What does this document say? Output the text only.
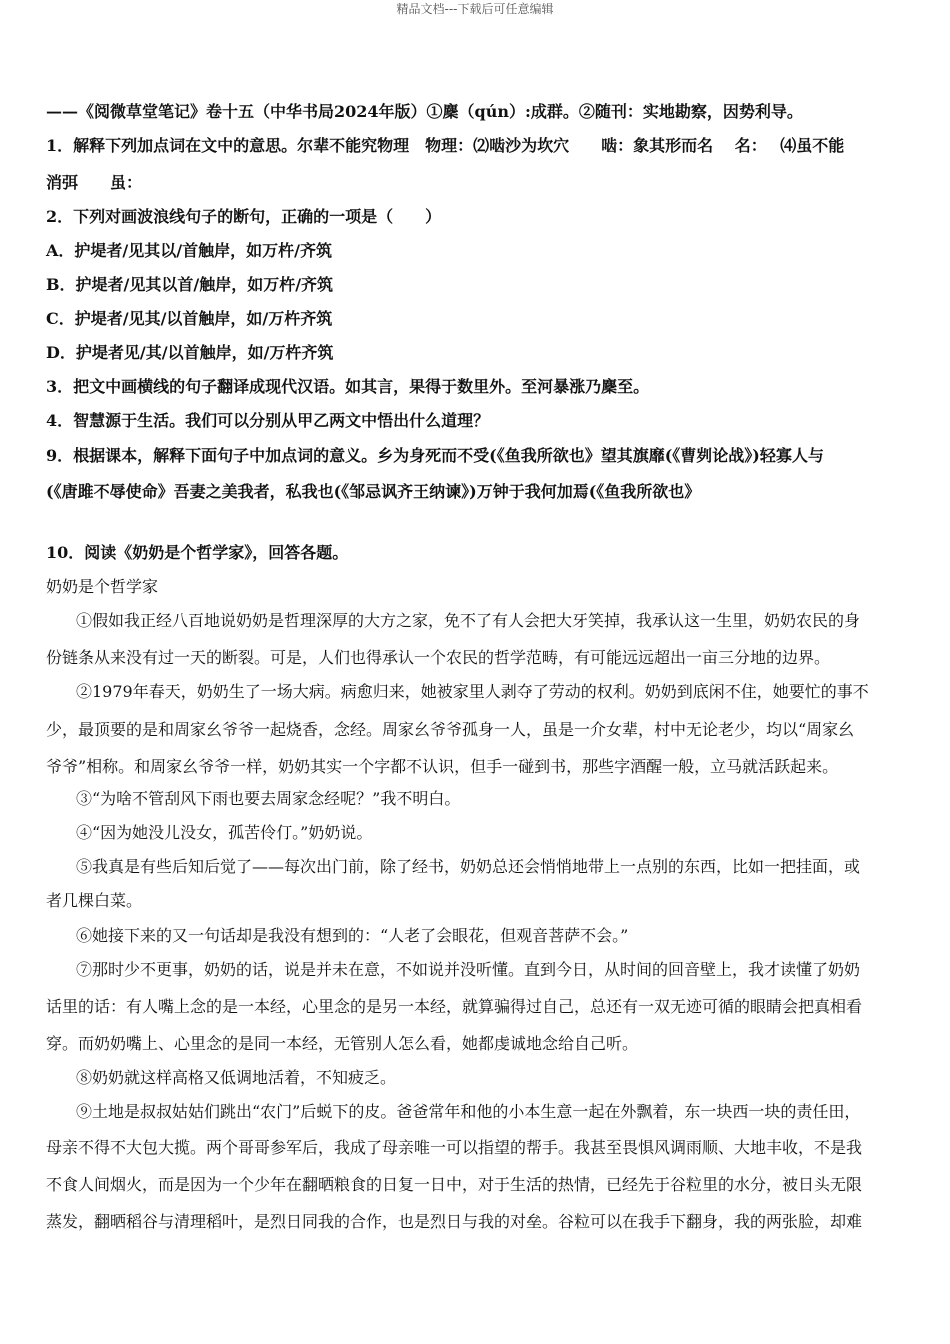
精品文档---下载后可任意编辑
——《阅微草堂笔记》卷十五（中华书局2024年版）①麇（qún）:成群。②随刊：实地勘察，因势利导。
1．解释下列加点词在文中的意思。尔辈不能究物理　物理：⑵啮沙为坎穴　　啮：象其形而名　 名：　 ⑷虽不能
消弭　　虽：
2．下列对画波浪线句子的断句，正确的一项是（　　）
A．护堤者/见其以/首触岸，如万杵/齐筑
B．护堤者/见其以首/触岸，如万杵/齐筑
C．护堤者/见其/以首触岸，如/万杵齐筑
D．护堤者见/其/以首触岸，如/万杵齐筑
3．把文中画横线的句子翻译成现代汉语。如其言，果得于数里外。至河暴涨乃麇至。
4．智慧源于生活。我们可以分别从甲乙两文中悟出什么道理？
9．根据课本，解释下面句子中加点词的意义。乡为身死而不受(《鱼我所欲也》望其旗靡(《曹刿论战》)轻寡人与
(《唐雎不辱使命》吾妻之美我者，私我也(《邹忌讽齐王纳谏》)万钟于我何加焉(《鱼我所欲也》
10．阅读《奶奶是个哲学家》，回答各题。
奶奶是个哲学家
①假如我正经八百地说奶奶是哲理深厚的大方之家，免不了有人会把大牙笑掉，我承认这一生里，奶奶农民的身
份链条从来没有过一天的断裂。可是，人们也得承认一个农民的哲学范畴，有可能远远超出一亩三分地的边界。
②1979年春天，奶奶生了一场大病。病愈归来，她被家里人剥夺了劳动的权利。奶奶到底闲不住，她要忙的事不
少，最顶要的是和周家幺爷爷一起烧香，念经。周家幺爷爷孤身一人，虽是一介女辈，村中无论老少，均以“周家幺
爷爷”相称。和周家幺爷爷一样，奶奶其实一个字都不认识，但手一碰到书，那些字酒醒一般，立马就活跃起来。
③“为啥不管刮风下雨也要去周家念经呢？”我不明白。
④“因为她没儿没女，孤苦伶仃。”奶奶说。
⑤我真是有些后知后觉了——每次出门前，除了经书，奶奶总还会悄悄地带上一点别的东西，比如一把挂面，或
者几棵白菜。
⑥她接下来的又一句话却是我没有想到的：“人老了会眼花，但观音菩萨不会。”
⑦那时少不更事，奶奶的话，说是并未在意，不如说并没听懂。直到今日，从时间的回音壁上，我才读懂了奶奶
话里的话：有人嘴上念的是一本经，心里念的是另一本经，就算骗得过自己，总还有一双无迹可循的眼睛会把真相看
穿。而奶奶嘴上、心里念的是同一本经，无管别人怎么看，她都虔诚地念给自己听。
⑧奶奶就这样高格又低调地活着，不知疲乏。
⑨土地是叔叔姑姑们跳出“农门”后蜕下的皮。爸爸常年和他的小本生意一起在外飘着，东一块西一块的责任田，
母亲不得不大包大揽。两个哥哥参军后，我成了母亲唯一可以指望的帮手。我甚至畏惧风调雨顺、大地丰收，不是我
不食人间烟火，而是因为一个少年在翻晒粮食的日复一日中，对于生活的热情，已经先于谷粒里的水分，被日头无限
蒸发，翻晒稻谷与清理稻叶，是烈日同我的合作，也是烈日与我的对垒。谷粒可以在我手下翻身，我的两张脸，却难
